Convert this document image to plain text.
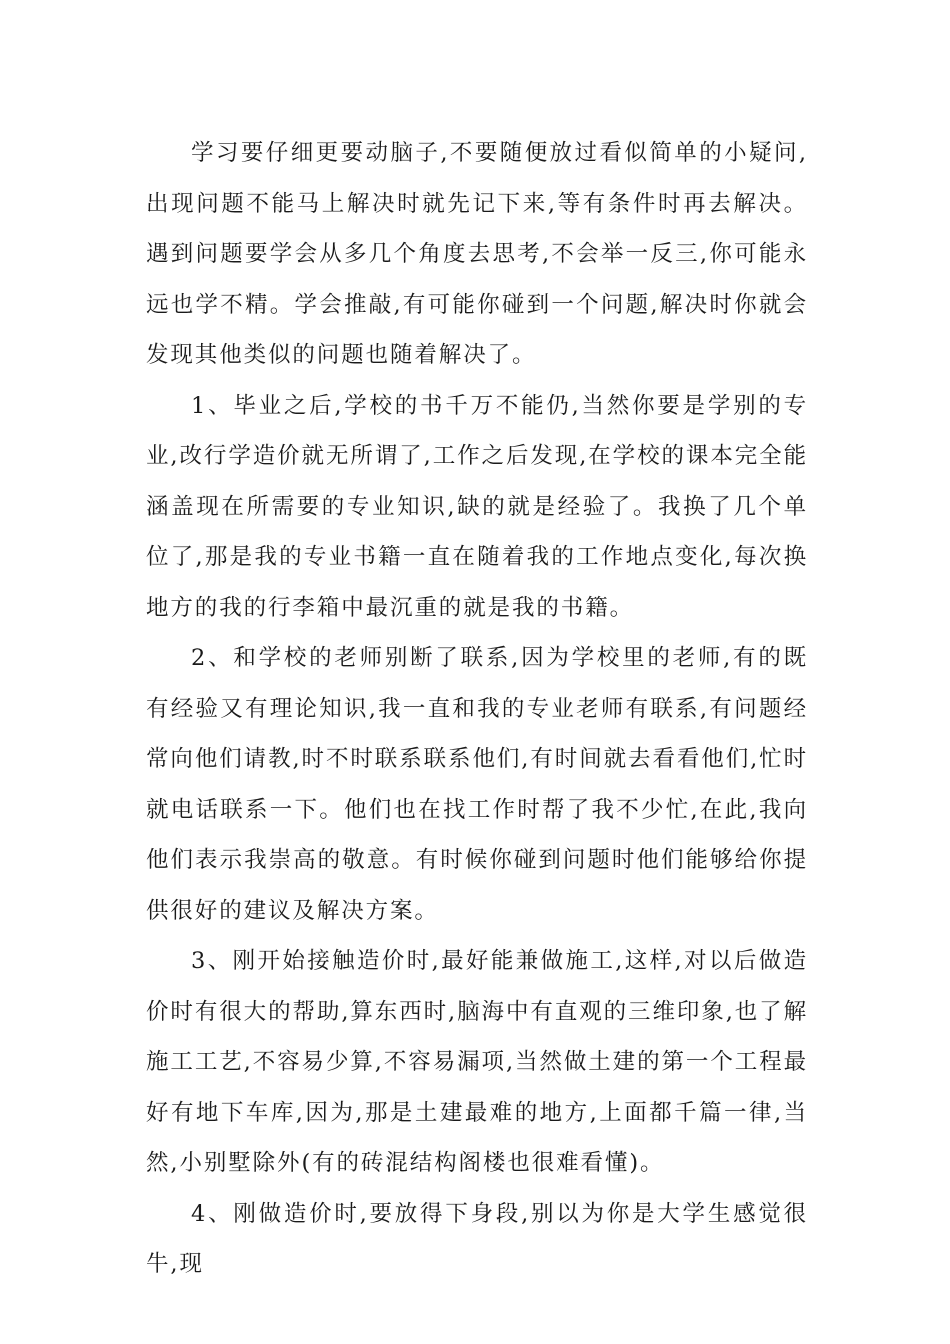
学习要仔细更要动脑子,不要随便放过看似简单的小疑问,出现问题不能马上解决时就先记下来,等有条件时再去解决。遇到问题要学会从多几个角度去思考,不会举一反三,你可能永远也学不精。学会推敲,有可能你碰到一个问题,解决时你就会发现其他类似的问题也随着解决了。

1、毕业之后,学校的书千万不能仍,当然你要是学别的专业,改行学造价就无所谓了,工作之后发现,在学校的课本完全能涵盖现在所需要的专业知识,缺的就是经验了。我换了几个单位了,那是我的专业书籍一直在随着我的工作地点变化,每次换地方的我的行李箱中最沉重的就是我的书籍。

2、和学校的老师别断了联系,因为学校里的老师,有的既有经验又有理论知识,我一直和我的专业老师有联系,有问题经常向他们请教,时不时联系联系他们,有时间就去看看他们,忙时就电话联系一下。他们也在找工作时帮了我不少忙,在此,我向他们表示我崇高的敬意。有时候你碰到问题时他们能够给你提供很好的建议及解决方案。

3、刚开始接触造价时,最好能兼做施工,这样,对以后做造价时有很大的帮助,算东西时,脑海中有直观的三维印象,也了解施工工艺,不容易少算,不容易漏项,当然做土建的第一个工程最好有地下车库,因为,那是土建最难的地方,上面都千篇一律,当然,小别墅除外(有的砖混结构阁楼也很难看懂)。

4、刚做造价时,要放得下身段,别以为你是大学生感觉很牛,现
